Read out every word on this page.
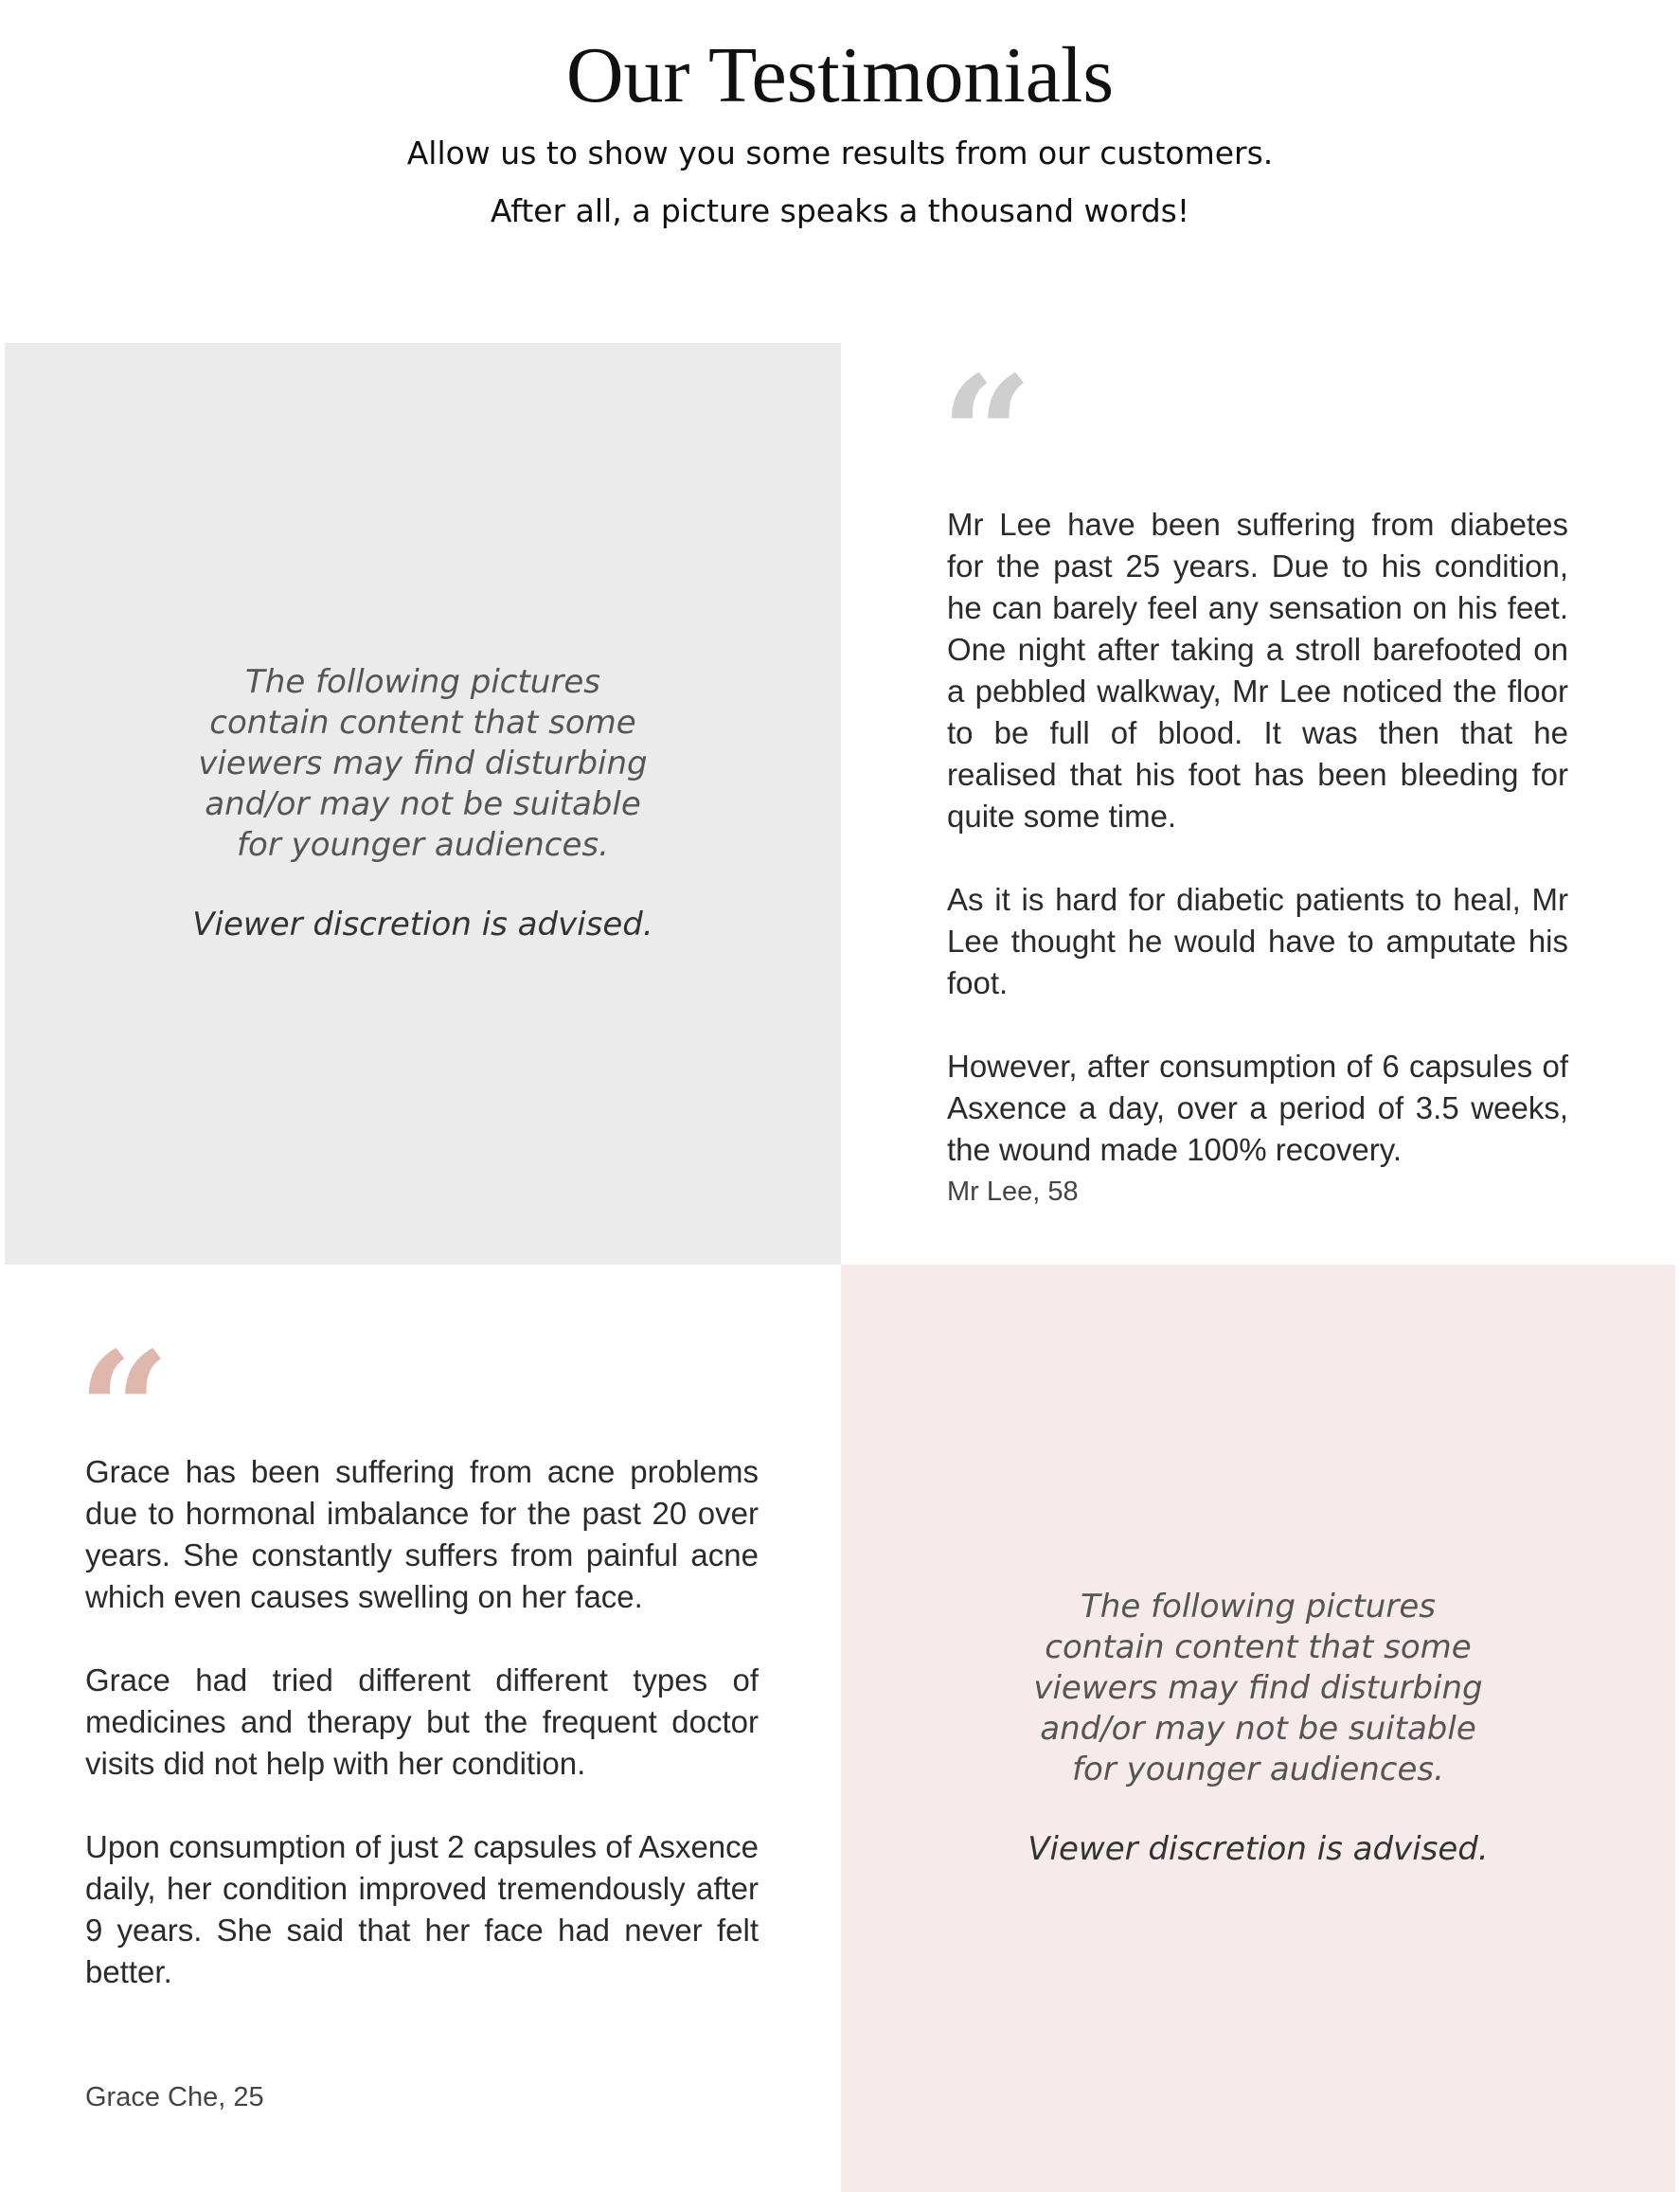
Our Testimonials
Allow us to show you some results from our customers.
After all, a picture speaks a thousand words!
The following pictures
contain content that some
viewers may find disturbing
and/or may not be suitable
for younger audiences.
Viewer discretion is advised.
“

Mr Lee have been suffering from diabetes for the past 25 years. Due to his condition, he can barely feel any sensation on his feet. One night after taking a stroll barefooted on a pebbled walkway, Mr Lee noticed the floor to be full of blood. It was then that he realised that his foot has been bleeding for quite some time.

As it is hard for diabetic patients to heal, Mr Lee thought he would have to amputate his foot.

However, after consumption of 6 capsules of Asxence a day, over a period of 3.5 weeks, the wound made 100% recovery.

Mr Lee, 58
“

Grace has been suffering from acne problems due to hormonal imbalance for the past 20 over years. She constantly suffers from painful acne which even causes swelling on her face.

Grace had tried different different types of medicines and therapy but the frequent doctor visits did not help with her condition.

Upon consumption of just 2 capsules of Asxence daily, her condition improved tremendously after 9 years. She said that her face had never felt better.

Grace Che, 25
The following pictures
contain content that some
viewers may find disturbing
and/or may not be suitable
for younger audiences.
Viewer discretion is advised.
